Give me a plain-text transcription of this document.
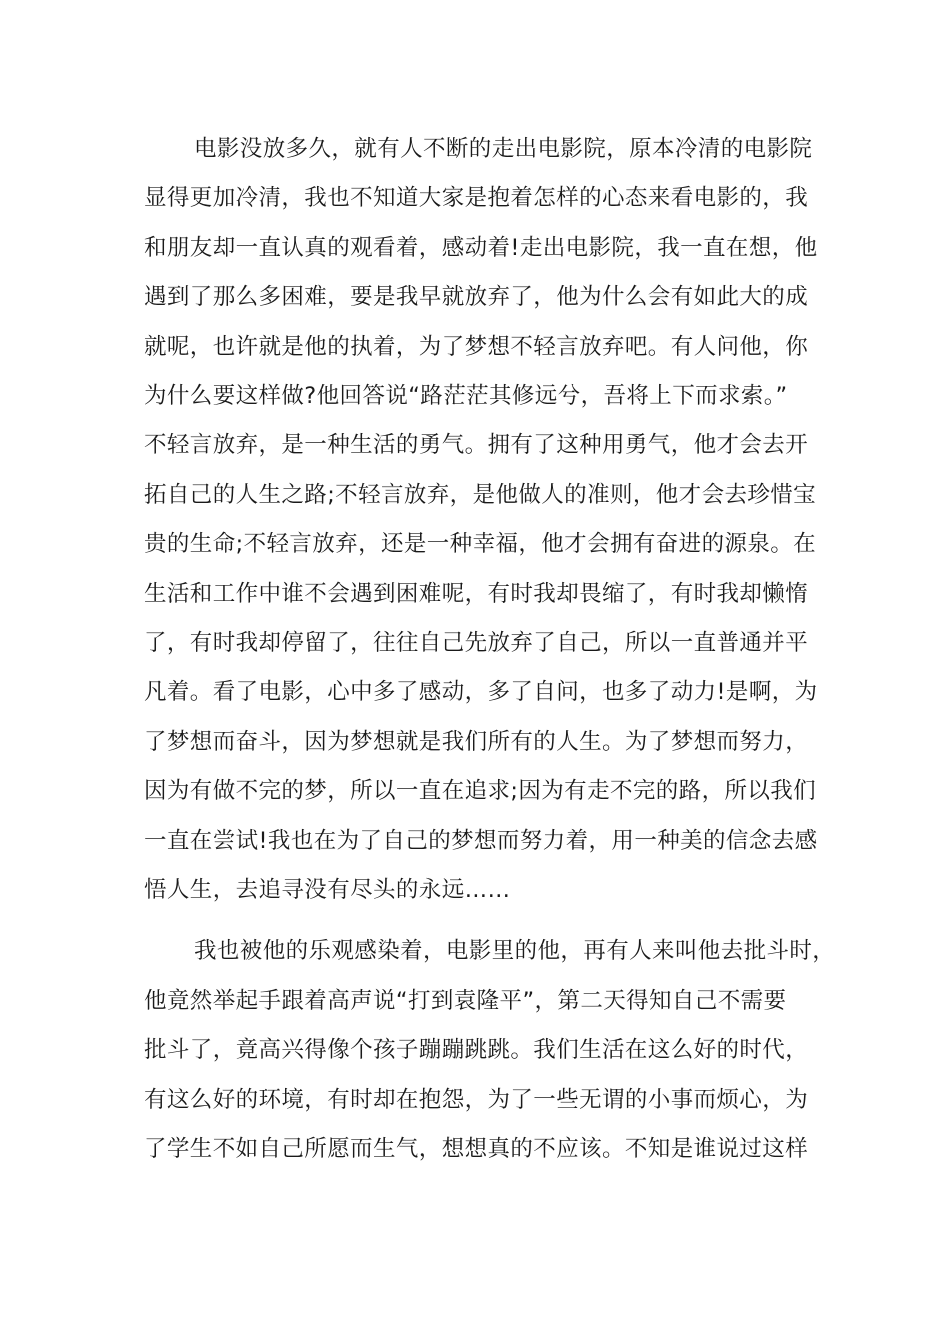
电影没放多久，就有人不断的走出电影院，原本冷清的电影院
显得更加冷清，我也不知道大家是抱着怎样的心态来看电影的，我
和朋友却一直认真的观看着，感动着!走出电影院，我一直在想，他
遇到了那么多困难，要是我早就放弃了，他为什么会有如此大的成
就呢，也许就是他的执着，为了梦想不轻言放弃吧。有人问他，你
为什么要这样做?他回答说“路茫茫其修远兮，吾将上下而求索。”
不轻言放弃，是一种生活的勇气。拥有了这种用勇气，他才会去开
拓自己的人生之路;不轻言放弃，是他做人的准则，他才会去珍惜宝
贵的生命;不轻言放弃，还是一种幸福，他才会拥有奋进的源泉。在
生活和工作中谁不会遇到困难呢，有时我却畏缩了，有时我却懒惰
了，有时我却停留了，往往自己先放弃了自己，所以一直普通并平
凡着。看了电影，心中多了感动，多了自问，也多了动力!是啊，为
了梦想而奋斗，因为梦想就是我们所有的人生。为了梦想而努力，
因为有做不完的梦，所以一直在追求;因为有走不完的路，所以我们
一直在尝试!我也在为了自己的梦想而努力着，用一种美的信念去感
悟人生，去追寻没有尽头的永远……
我也被他的乐观感染着，电影里的他，再有人来叫他去批斗时，
他竟然举起手跟着高声说“打到袁隆平”，第二天得知自己不需要
批斗了，竟高兴得像个孩子蹦蹦跳跳。我们生活在这么好的时代，
有这么好的环境，有时却在抱怨，为了一些无谓的小事而烦心，为
了学生不如自己所愿而生气，想想真的不应该。不知是谁说过这样
